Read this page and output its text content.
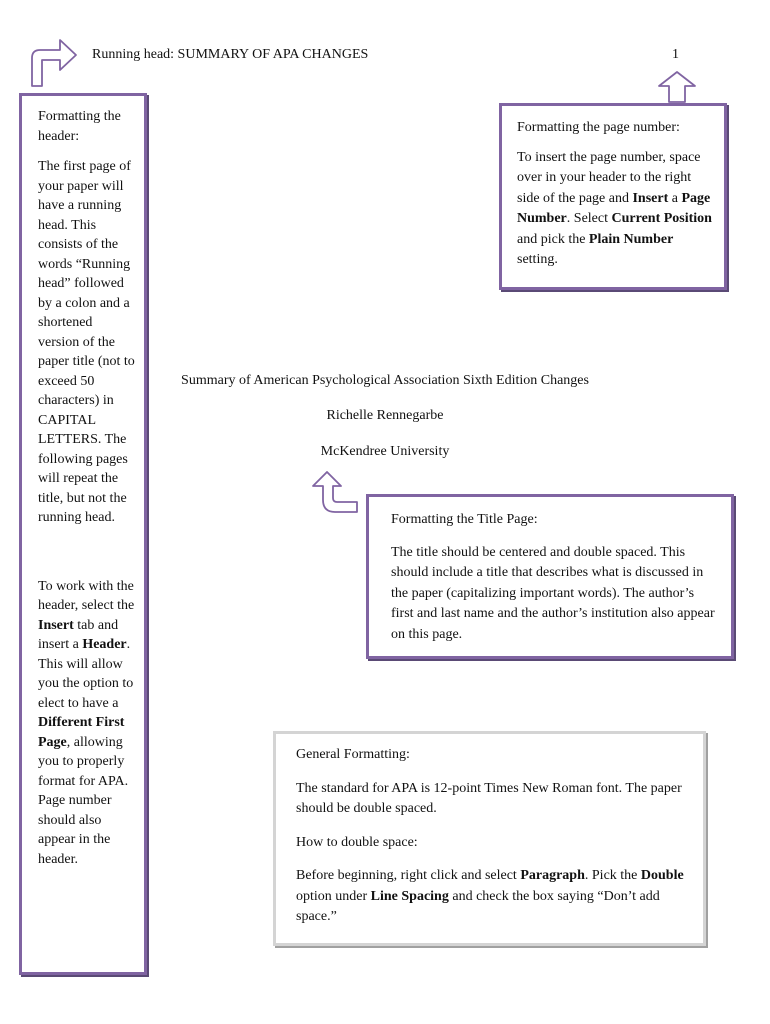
Running head: SUMMARY OF APA CHANGES	1

Formatting the header:

The first page of your paper will have a running head. This consists of the words “Running head” followed by a colon and a shortened version of the paper title (not to exceed 50 characters) in CAPITAL LETTERS. The following pages will repeat the title, but not the running head.

To work with the header, select the Insert tab and insert a Header. This will allow you the option to elect to have a Different First Page, allowing you to properly format for APA. Page number should also appear in the header.

Formatting the page number:

To insert the page number, space over in your header to the right side of the page and Insert a Page Number. Select Current Position and pick the Plain Number setting.

Summary of American Psychological Association Sixth Edition Changes
Richelle Rennegarbe
McKendree University

Formatting the Title Page:

The title should be centered and double spaced. This should include a title that describes what is discussed in the paper (capitalizing important words). The author’s first and last name and the author’s institution also appear on this page.

General Formatting:

The standard for APA is 12-point Times New Roman font. The paper should be double spaced.

How to double space:

Before beginning, right click and select Paragraph. Pick the Double option under Line Spacing and check the box saying “Don’t add space.”
